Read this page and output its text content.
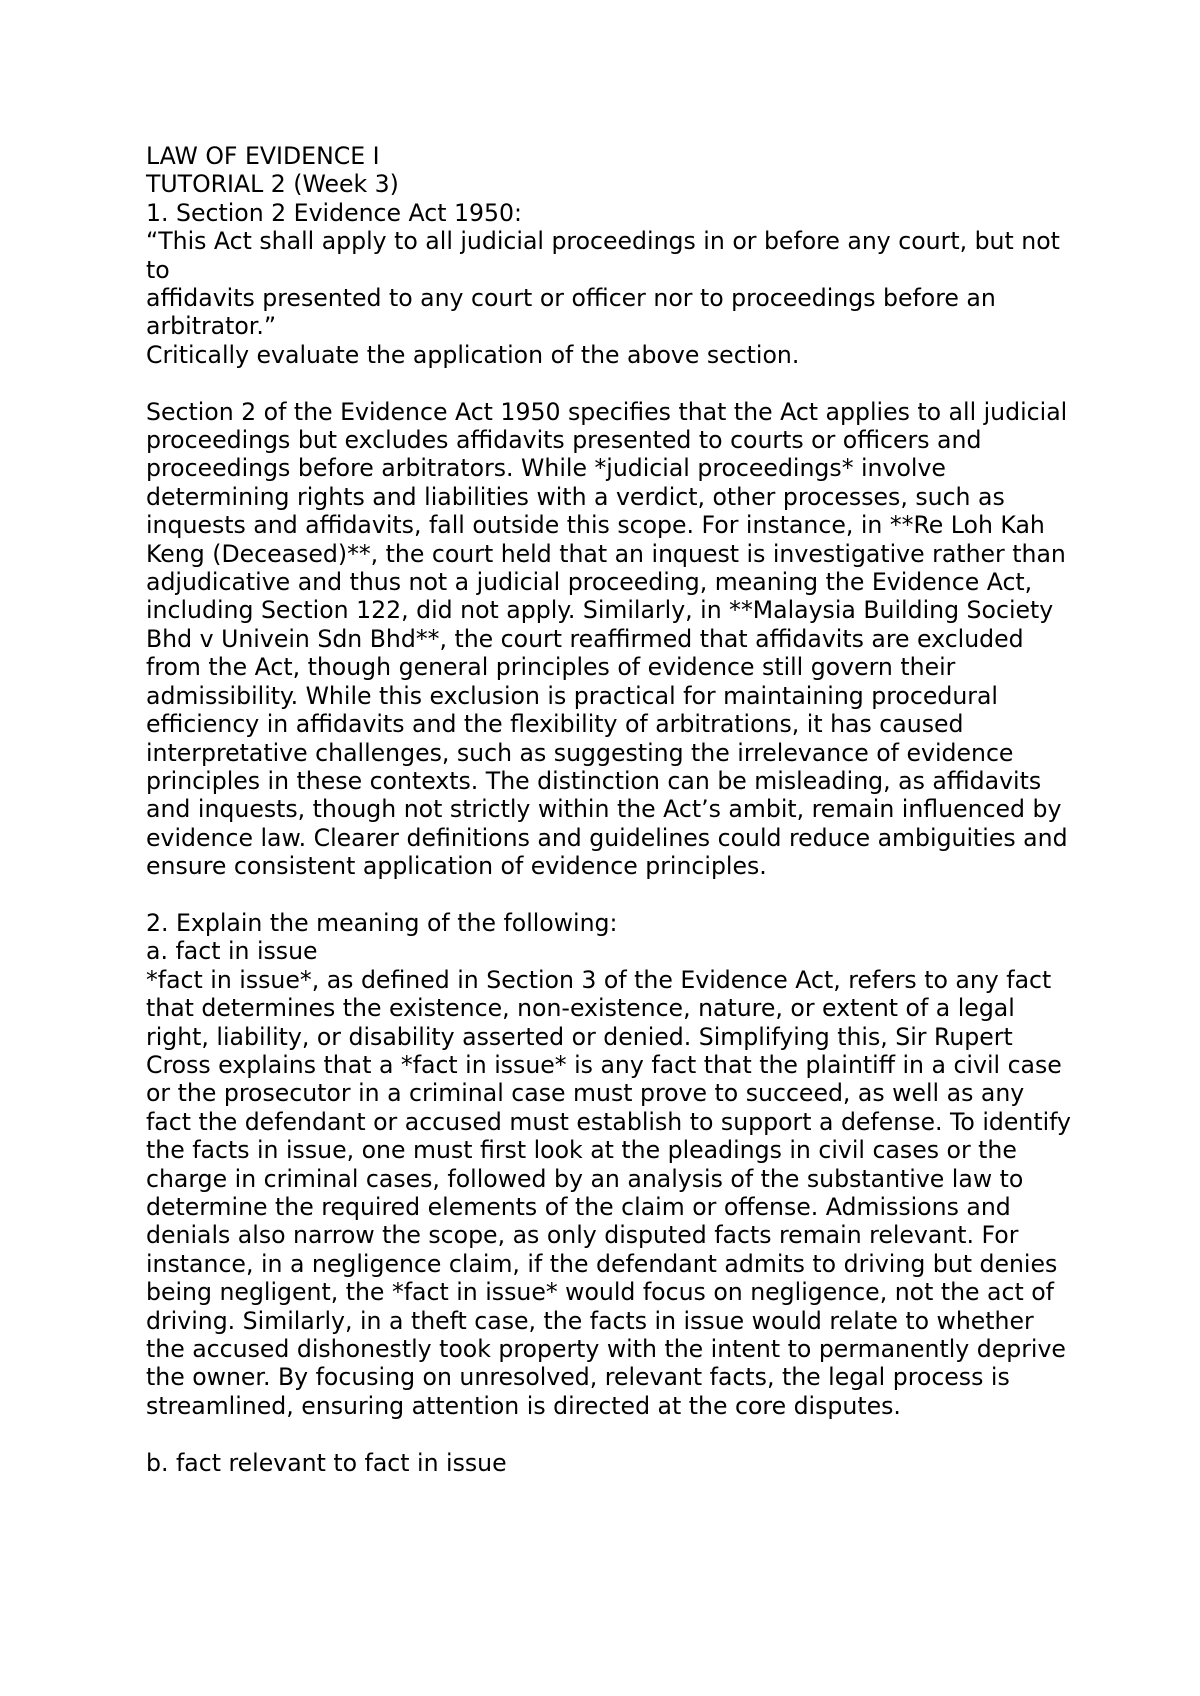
LAW OF EVIDENCE I

TUTORIAL 2 (Week 3)

1. Section 2 Evidence Act 1950:

“This Act shall apply to all judicial proceedings in or before any court, but not to

affidavits presented to any court or officer nor to proceedings before an arbitrator.”

Critically evaluate the application of the above section.

Section 2 of the Evidence Act 1950 specifies that the Act applies to all judicial proceedings but excludes affidavits presented to courts or officers and proceedings before arbitrators. While *judicial proceedings* involve determining rights and liabilities with a verdict, other processes, such as inquests and affidavits, fall outside this scope. For instance, in **Re Loh Kah Keng (Deceased)**, the court held that an inquest is investigative rather than adjudicative and thus not a judicial proceeding, meaning the Evidence Act, including Section 122, did not apply. Similarly, in **Malaysia Building Society Bhd v Univein Sdn Bhd**, the court reaffirmed that affidavits are excluded from the Act, though general principles of evidence still govern their admissibility. While this exclusion is practical for maintaining procedural efficiency in affidavits and the flexibility of arbitrations, it has caused interpretative challenges, such as suggesting the irrelevance of evidence principles in these contexts. The distinction can be misleading, as affidavits and inquests, though not strictly within the Act’s ambit, remain influenced by evidence law. Clearer definitions and guidelines could reduce ambiguities and ensure consistent application of evidence principles.

2. Explain the meaning of the following:

a. fact in issue

*fact in issue*, as defined in Section 3 of the Evidence Act, refers to any fact that determines the existence, non-existence, nature, or extent of a legal right, liability, or disability asserted or denied. Simplifying this, Sir Rupert Cross explains that a *fact in issue* is any fact that the plaintiff in a civil case or the prosecutor in a criminal case must prove to succeed, as well as any fact the defendant or accused must establish to support a defense. To identify the facts in issue, one must first look at the pleadings in civil cases or the charge in criminal cases, followed by an analysis of the substantive law to determine the required elements of the claim or offense. Admissions and denials also narrow the scope, as only disputed facts remain relevant. For instance, in a negligence claim, if the defendant admits to driving but denies being negligent, the *fact in issue* would focus on negligence, not the act of driving. Similarly, in a theft case, the facts in issue would relate to whether the accused dishonestly took property with the intent to permanently deprive the owner. By focusing on unresolved, relevant facts, the legal process is streamlined, ensuring attention is directed at the core disputes.

b. fact relevant to fact in issue
